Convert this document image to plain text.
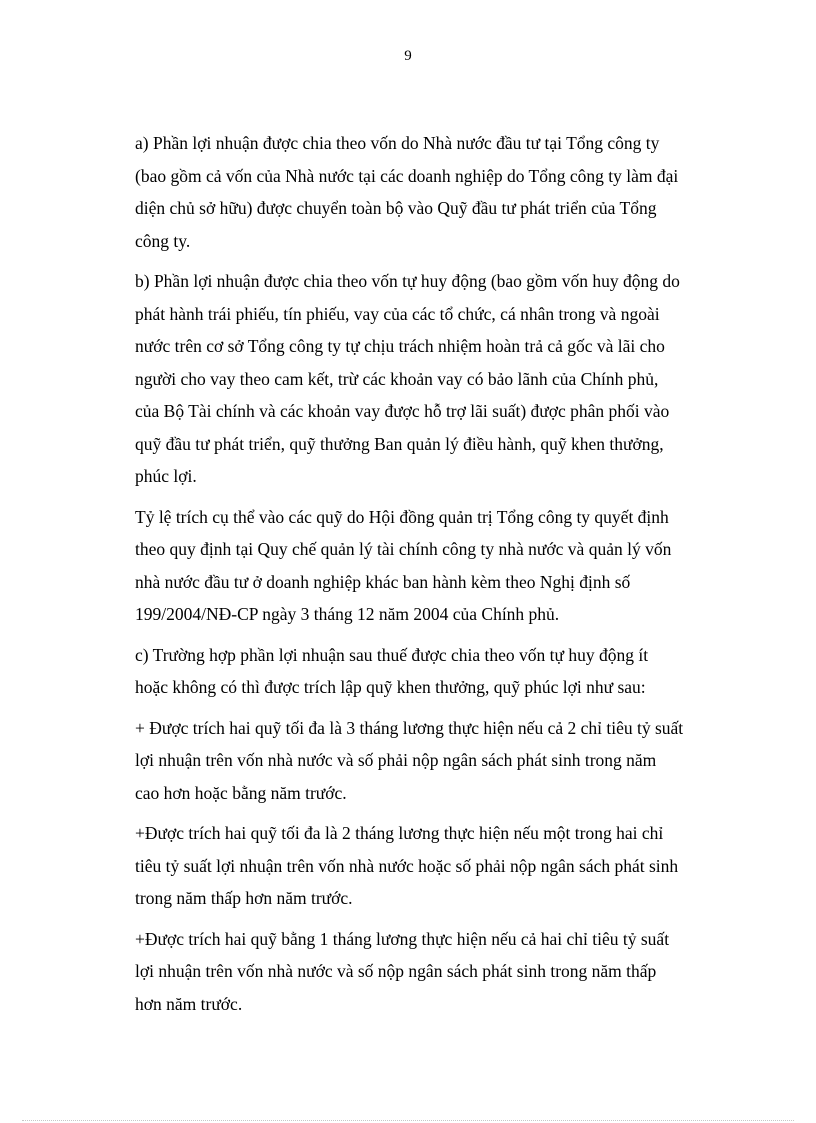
9

a) Phần lợi nhuận được chia theo vốn do Nhà nước đầu tư tại Tổng công ty
(bao gồm cả vốn của Nhà nước tại các doanh nghiệp do Tổng công ty làm đại
diện chủ sở hữu) được chuyển toàn bộ vào Quỹ đầu tư phát triển của Tổng
công ty.

b) Phần lợi nhuận được chia theo vốn tự huy động (bao gồm vốn huy động do
phát hành trái phiếu, tín phiếu, vay của các tổ chức, cá nhân trong và ngoài
nước trên cơ sở Tổng công ty tự chịu trách nhiệm hoàn trả cả gốc và lãi cho
người cho vay theo cam kết, trừ các khoản vay có bảo lãnh của Chính phủ,
của Bộ Tài chính và các khoản vay được hỗ trợ lãi suất) được phân phối vào
quỹ đầu tư phát triển, quỹ thưởng Ban quản lý điều hành, quỹ khen thưởng,
phúc lợi.

Tỷ lệ trích cụ thể vào các quỹ do Hội đồng quản trị Tổng công ty quyết định
theo quy định tại Quy chế quản lý tài chính công ty nhà nước và quản lý vốn
nhà nước đầu tư ở doanh nghiệp khác ban hành kèm theo Nghị định số
199/2004/NĐ-CP ngày 3 tháng 12 năm 2004 của Chính phủ.

c) Trường hợp phần lợi nhuận sau thuế được chia theo vốn tự huy động ít
hoặc không có thì được trích lập quỹ khen thưởng, quỹ phúc lợi như sau:

+ Được trích hai quỹ tối đa là 3 tháng lương thực hiện nếu cả 2 chỉ tiêu tỷ suất
lợi nhuận trên vốn nhà nước và số phải nộp ngân sách phát sinh trong năm
cao hơn hoặc bằng năm trước.

+Được trích hai quỹ tối đa là 2 tháng lương thực hiện nếu một trong hai chỉ
tiêu tỷ suất lợi nhuận trên vốn nhà nước hoặc số phải nộp ngân sách phát sinh
trong năm thấp hơn năm trước.

+Được trích hai quỹ bằng 1 tháng lương thực hiện nếu cả hai chỉ tiêu tỷ suất
lợi nhuận trên vốn nhà nước và số nộp ngân sách phát sinh trong năm thấp
hơn năm trước.
